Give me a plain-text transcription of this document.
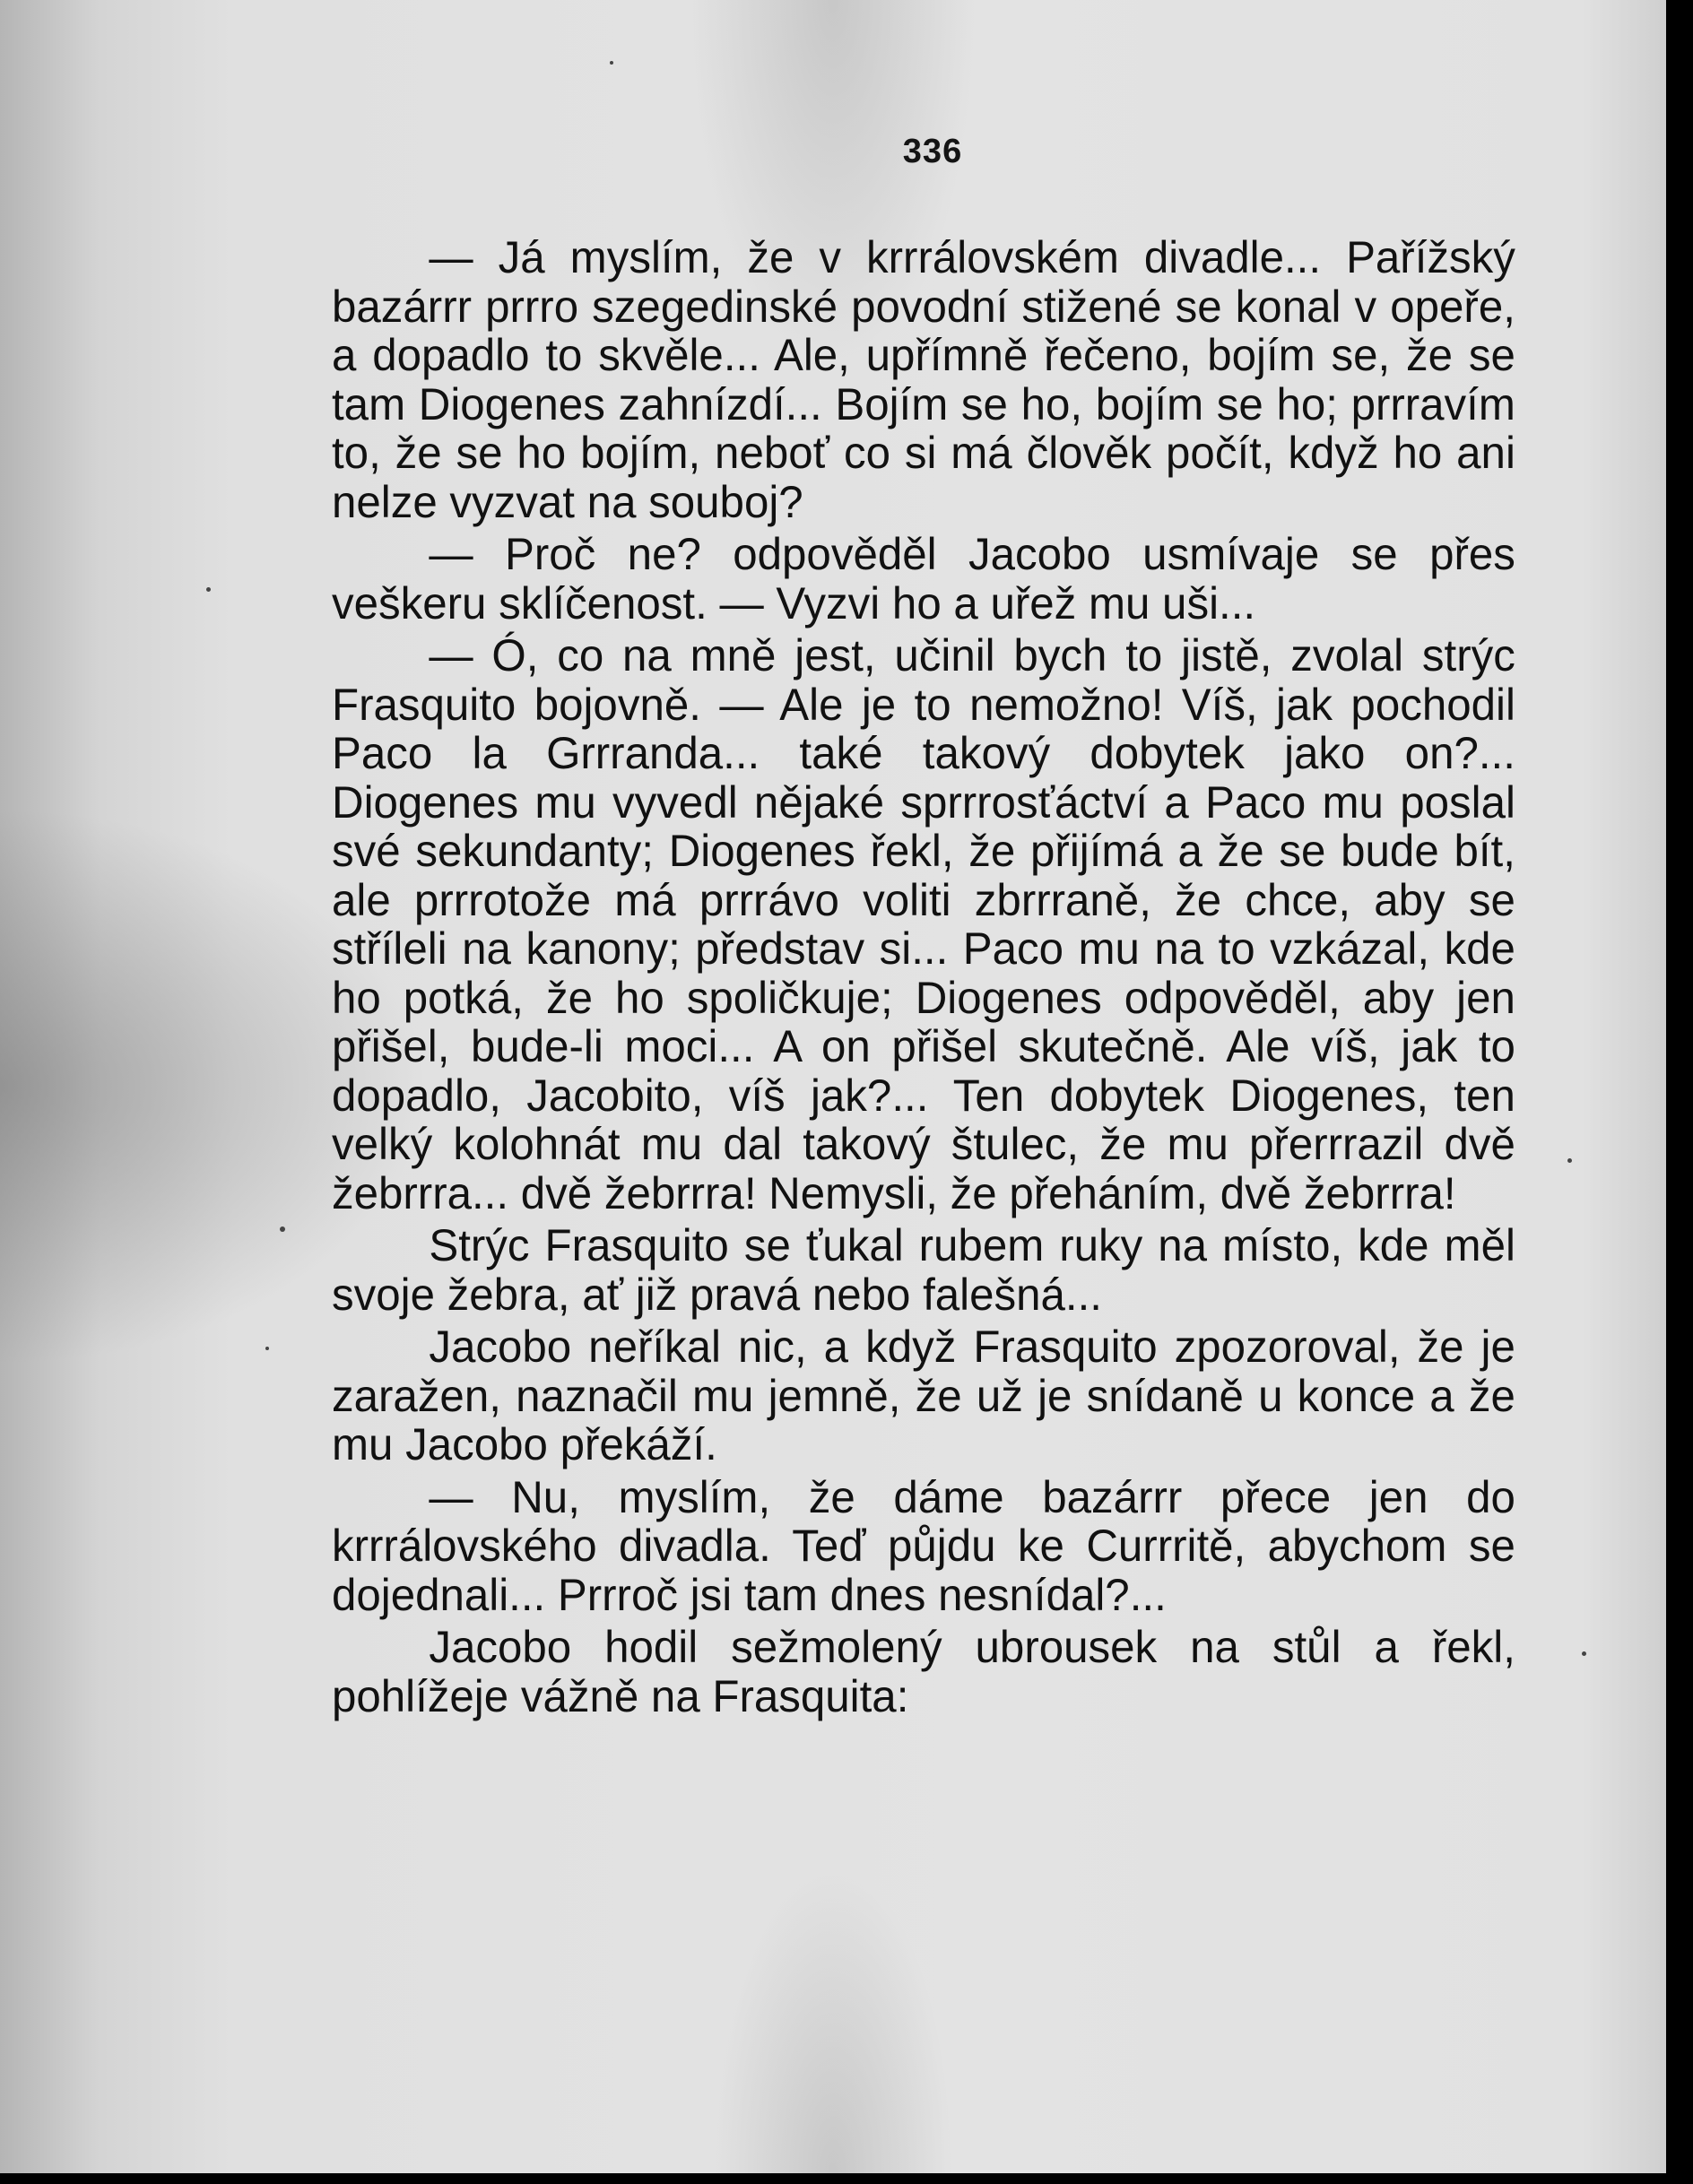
336

— Já myslím, že v krrrálovském divadle... Pařížský bazárrr prrro szegedinské povodní stižené se konal v opeře, a dopadlo to skvěle... Ale, upřímně řečeno, bojím se, že se tam Diogenes zahnízdí... Bojím se ho, bojím se ho; prrravím to, že se ho bojím, neboť co si má člověk počít, když ho ani nelze vyzvat na souboj?

— Proč ne? odpověděl Jacobo usmívaje se přes veškeru sklíčenost. — Vyzvi ho a uřež mu uši...

— Ó, co na mně jest, učinil bych to jistě, zvolal strýc Frasquito bojovně. — Ale je to nemožno! Víš, jak pochodil Paco la Grrranda... také takový dobytek jako on?... Diogenes mu vyvedl nějaké sprrrosťáctví a Paco mu poslal své sekundanty; Diogenes řekl, že přijímá a že se bude bít, ale prrrotože má prrrávo voliti zbrrraně, že chce, aby se stříleli na kanony; představ si... Paco mu na to vzkázal, kde ho potká, že ho spoličkuje; Diogenes odpověděl, aby jen přišel, bude-li moci... A on přišel skutečně. Ale víš, jak to dopadlo, Jacobito, víš jak?... Ten dobytek Diogenes, ten velký kolohnát mu dal takový štulec, že mu přerrrazil dvě žebrrra... dvě žebrrra! Nemysli, že přeháním, dvě žebrrra!

Strýc Frasquito se ťukal rubem ruky na místo, kde měl svoje žebra, ať již pravá nebo falešná...

Jacobo neříkal nic, a když Frasquito zpozoroval, že je zaražen, naznačil mu jemně, že už je snídaně u konce a že mu Jacobo překáží.

— Nu, myslím, že dáme bazárrr přece jen do krrrálovského divadla. Teď půjdu ke Currritě, abychom se dojednali... Prrroč jsi tam dnes nesnídal?...

Jacobo hodil sežmolený ubrousek na stůl a řekl, pohlížeje vážně na Frasquita:
